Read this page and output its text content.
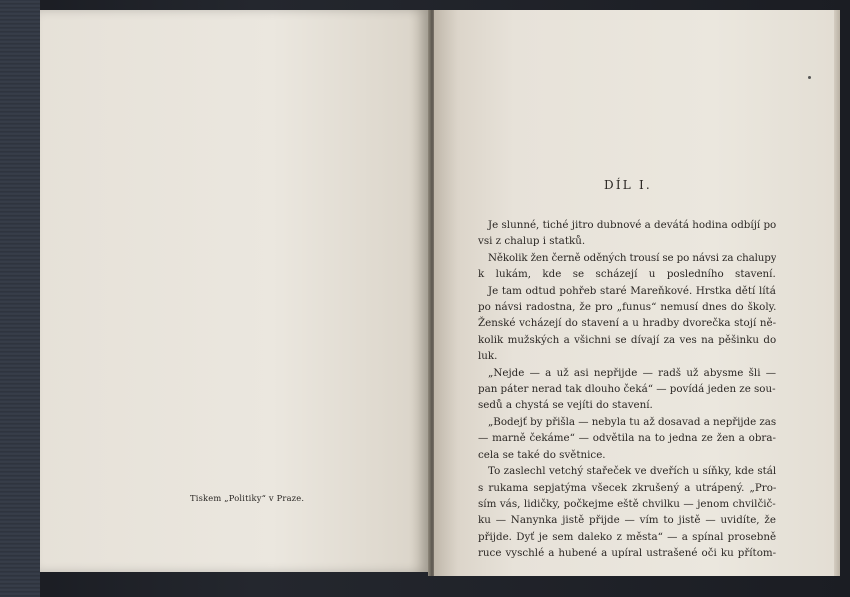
Tiskem „Politiky“ v Praze.
DÍL I.
Je slunné, tiché jitro dubnové a devátá hodina odbíjí po
vsi z chalup i statků.
Několik žen černě oděných trousí se po návsi za chalupy
k lukám, kde se scházejí u posledního stavení.
Je tam odtud pohřeb staré Mareňkové. Hrstka dětí lítá
po návsi radostna, že pro „funus“ nemusí dnes do školy.
Ženské vcházejí do stavení a u hradby dvorečka stojí ně-
kolik mužských a všichni se dívají za ves na pěšinku do
luk.
„Nejde — a už asi nepřijde — radš už abysme šli —
pan páter nerad tak dlouho čeká“ — povídá jeden ze sou-
sedů a chystá se vejíti do stavení.
„Bodejť by přišla — nebyla tu až dosavad a nepřijde zas
— marně čekáme“ — odvětila na to jedna ze žen a obra-
cela se také do světnice.
To zaslechl vetchý stařeček ve dveřích u síňky, kde stál
s rukama sepjatýma všecek zkrušený a utrápený. „Pro-
sím vás, lidičky, počkejme eště chvilku — jenom chvilčič-
ku — Nanynka jistě přijde — vím to jistě — uvidíte, že
přijde. Dyť je sem daleko z města“ — a spínal prosebně
ruce vyschlé a hubené a upíral ustrašené oči ku přítom-
